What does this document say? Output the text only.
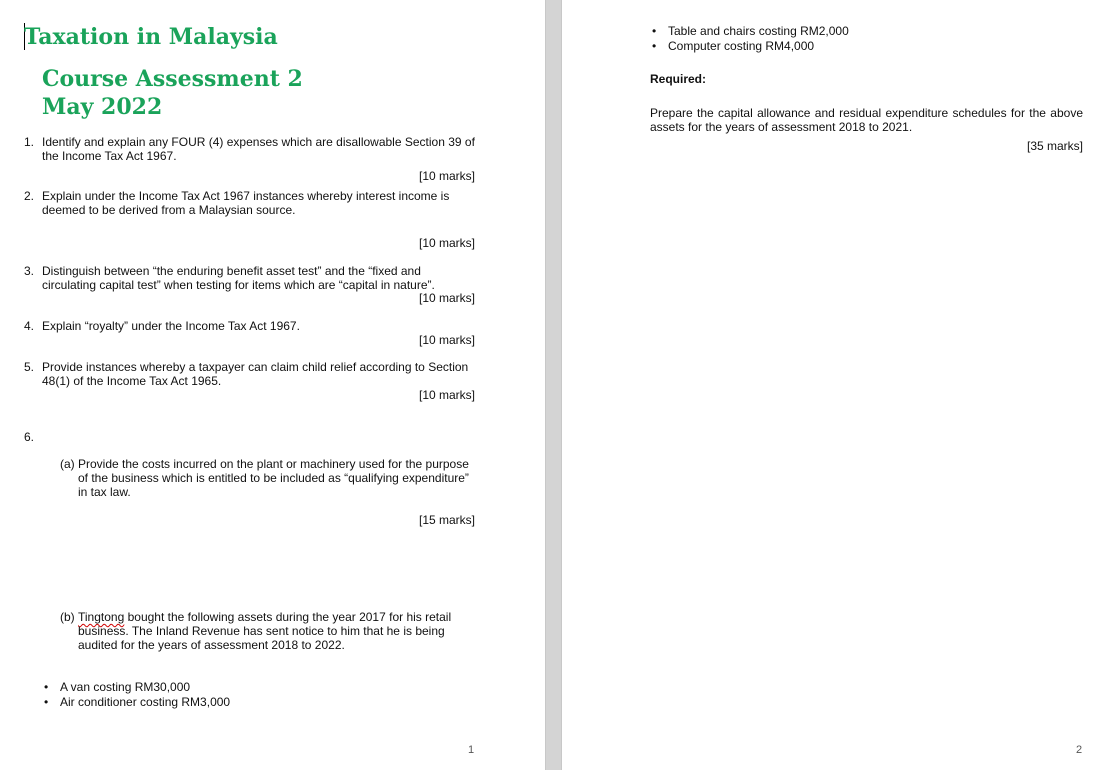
Taxation in Malaysia
Course Assessment 2
May 2022
1. Identify and explain any FOUR (4) expenses which are disallowable Section 39 of the Income Tax Act 1967.
[10 marks]
2. Explain under the Income Tax Act 1967 instances whereby interest income is deemed to be derived from a Malaysian source.
[10 marks]
3. Distinguish between “the enduring benefit asset test” and the “fixed and circulating capital test” when testing for items which are “capital in nature”.
[10 marks]
4. Explain “royalty” under the Income Tax Act 1967.
[10 marks]
5. Provide instances whereby a taxpayer can claim child relief according to Section 48(1) of the Income Tax Act 1965.
[10 marks]
6.
(a) Provide the costs incurred on the plant or machinery used for the purpose of the business which is entitled to be included as “qualifying expenditure” in tax law.
[15 marks]
(b) Tingtong bought the following assets during the year 2017 for his retail business. The Inland Revenue has sent notice to him that he is being audited for the years of assessment 2018 to 2022.
• A van costing RM30,000
• Air conditioner costing RM3,000
1
• Table and chairs costing RM2,000
• Computer costing RM4,000
Required:
Prepare the capital allowance and residual expenditure schedules for the above assets for the years of assessment 2018 to 2021.
[35 marks]
2
